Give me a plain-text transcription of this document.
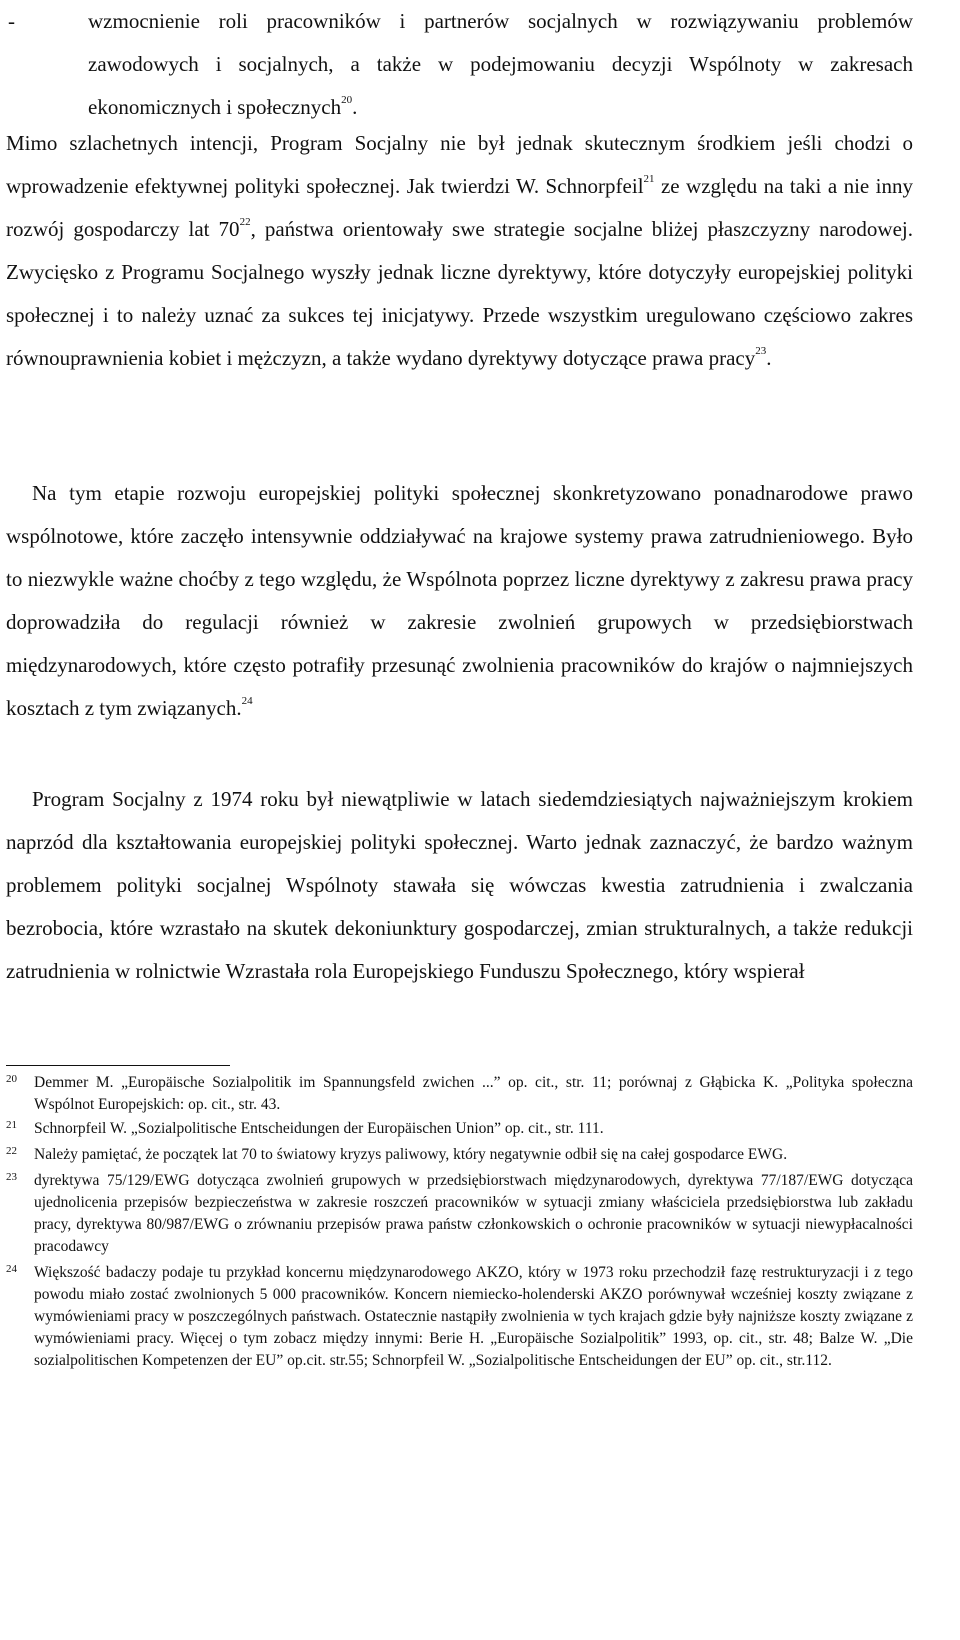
-	wzmocnienie roli pracowników i partnerów socjalnych w rozwiązywaniu problemów zawodowych i socjalnych, a także w podejmowaniu decyzji Wspólnoty w zakresach ekonomicznych i społecznych$^{20}$.

Mimo szlachetnych intencji, Program Socjalny nie był jednak skutecznym środkiem jeśli chodzi o wprowadzenie efektywnej polityki społecznej. Jak twierdzi W. Schnorpfeil$^{21}$ ze względu na taki a nie inny rozwój gospodarczy lat 70$^{22}$, państwa orientowały swe strategie socjalne bliżej płaszczyzny narodowej. Zwycięsko z Programu Socjalnego wyszły jednak liczne dyrektywy, które dotyczyły europejskiej polityki społecznej i to należy uznać za sukces tej inicjatywy. Przede wszystkim uregulowano częściowo zakres równouprawnienia kobiet i mężczyzn, a także wydano dyrektywy dotyczące prawa pracy$^{23}$.

Na tym etapie rozwoju europejskiej polityki społecznej skonkretyzowano ponadnarodowe prawo wspólnotowe, które zaczęło intensywnie oddziaływać na krajowe systemy prawa zatrudnieniowego. Było to niezwykle ważne choćby z tego względu, że Wspólnota poprzez liczne dyrektywy z zakresu prawa pracy doprowadziła do regulacji również w zakresie zwolnień grupowych w przedsiębiorstwach międzynarodowych, które często potrafiły przesunąć zwolnienia pracowników do krajów o najmniejszych kosztach z tym związanych.$^{24}$

Program Socjalny z 1974 roku był niewątpliwie w latach siedemdziesiątych najważniejszym krokiem naprzód dla kształtowania europejskiej polityki społecznej. Warto jednak zaznaczyć, że bardzo ważnym problemem polityki socjalnej Wspólnoty stawała się wówczas kwestia zatrudnienia i zwalczania bezrobocia, które wzrastało na skutek dekoniunktury gospodarczej, zmian strukturalnych, a także redukcji zatrudnienia w rolnictwie Wzrastała rola Europejskiego Funduszu Społecznego, który wspierał

20 Demmer M. „Europäische Sozialpolitik im Spannungsfeld zwichen ...” op. cit., str. 11; porównaj z Głąbicka K. „Polityka społeczna Wspólnot Europejskich: op. cit., str. 43.

21 Schnorpfeil W. „Sozialpolitische Entscheidungen der Europäischen Union” op. cit., str. 111.

22 Należy pamiętać, że początek lat 70 to światowy kryzys paliwowy, który negatywnie odbił się na całej gospodarce EWG.

23 dyrektywa 75/129/EWG dotycząca zwolnień grupowych w przedsiębiorstwach międzynarodowych, dyrektywa 77/187/EWG dotycząca ujednolicenia przepisów bezpieczeństwa w zakresie roszczeń pracowników w sytuacji zmiany właściciela przedsiębiorstwa lub zakładu pracy, dyrektywa 80/987/EWG o zrównaniu przepisów prawa państw członkowskich o ochronie pracowników w sytuacji niewypłacalności pracodawcy

24 Większość badaczy podaje tu przykład koncernu międzynarodowego AKZO, który w 1973 roku przechodził fazę restrukturyzacji i z tego powodu miało zostać zwolnionych 5 000 pracowników. Koncern niemiecko-holenderski AKZO porównywał wcześniej koszty związane z wymówieniami pracy w poszczególnych państwach. Ostatecznie nastąpiły zwolnienia w tych krajach gdzie były najniższe koszty związane z wymówieniami pracy. Więcej o tym zobacz między innymi: Berie H. „Europäische Sozialpolitik” 1993, op. cit., str. 48; Balze W. „Die sozialpolitischen Kompetenzen der EU” op.cit. str.55; Schnorpfeil W. „Sozialpolitische Entscheidungen der EU” op. cit., str.112.
